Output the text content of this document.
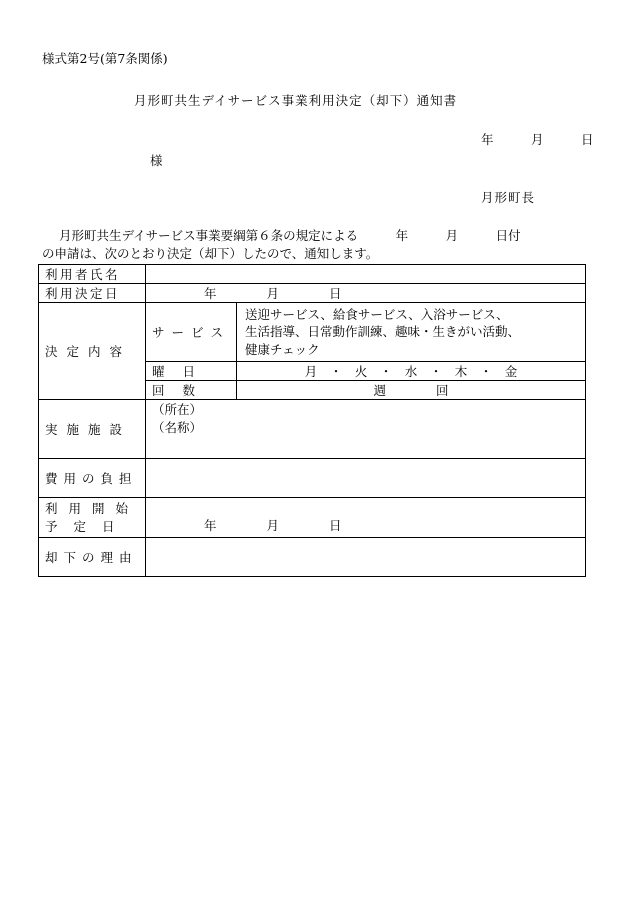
様式第2号(第7条関係)
月形町共生デイサービス事業利用決定（却下）通知書
年　　　月　　　日
様
月形町長
月形町共生デイサービス事業要綱第６条の規定による　　　年　　　月　　　日付
の申請は、次のとおり決定（却下）したので、通知します。
利用者氏名		
利用決定日	年　　　　月　　　　日	
決定内容	サービス	送迎サービス、給食サービス、入浴サービス、
生活指導、日常動作訓練、趣味・生きがい活動、
健康チェック

	曜日	月　・　火　・　水　・　木　・　金
	回数	週　　　　回
実施施設	（所在）
（名称）	

費用の負担		

利用開始
予定日	年　　　　月　　　　日	
却下の理由		
